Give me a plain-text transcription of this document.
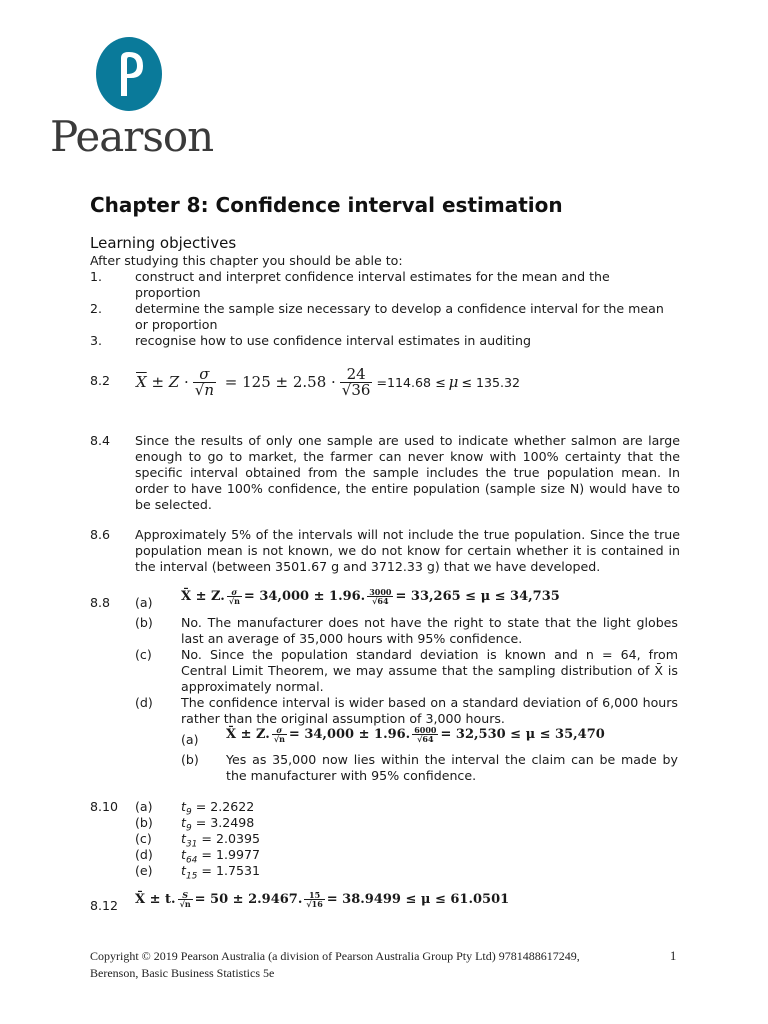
Pearson
Chapter 8: Confidence interval estimation
Learning objectives
After studying this chapter you should be able to:
1.	construct and interpret confidence interval estimates for the mean and the
proportion
2.	determine the sample size necessary to develop a confidence interval for the mean
or proportion
3.	recognise how to use confidence interval estimates in auditing
8.2 $\overline{X} \pm Z \cdot \frac{\sigma}{√n} = 125 \pm 2.58 \cdot \frac{24}{√36} =114.68 \le \mu \le 135.32$
8.4 Since the results of only one sample are used to indicate whether salmon are large enough to go to market, the farmer can never know with 100% certainty that the specific interval obtained from the sample includes the true population mean. In order to have 100% confidence, the entire population (sample size N) would have to be selected.
8.6 Approximately 5% of the intervals will not include the true population. Since the true population mean is not known, we do not know for certain whether it is contained in the interval (between 3501.67 g and 3712.33 g) that we have developed.
8.8 (a) X̄ ± Z. $\frac{\sigma}{√n} = 34,000 \pm 1.96$. $\frac{3000}{√64} = 33,265 \le \mu \le 34,735$
(b) No. The manufacturer does not have the right to state that the light globes last an average of 35,000 hours with 95% confidence.
(c) No. Since the population standard deviation is known and n = 64, from Central Limit Theorem, we may assume that the sampling distribution of X̄ is approximately normal.
(d) The confidence interval is wider based on a standard deviation of 6,000 hours rather than the original assumption of 3,000 hours.
(a) X̄ ± Z. $\frac{\sigma}{√n} = 34,000 \pm 1.96$. $\frac{6000}{√64} = 32,530 \le \mu \le 35,470$
(b) Yes as 35,000 now lies within the interval the claim can be made by the manufacturer with 95% confidence.
8.10 (a) $t_9 = 2.2622$
(b) $t_9 = 3.2498$
(c) $t_{31} = 2.0395$
(d) $t_{64} = 1.9977$
(e) $t_{15} = 1.7531$
8.12 X̄ ± t. $\frac{S}{√n} = 50 \pm 2.9467$. $\frac{15}{√16} = 38.9499 \le \mu \le 61.0501$
Copyright © 2019 Pearson Australia (a division of Pearson Australia Group Pty Ltd) 9781488617249,
Berenson, Basic Business Statistics 5e
1
